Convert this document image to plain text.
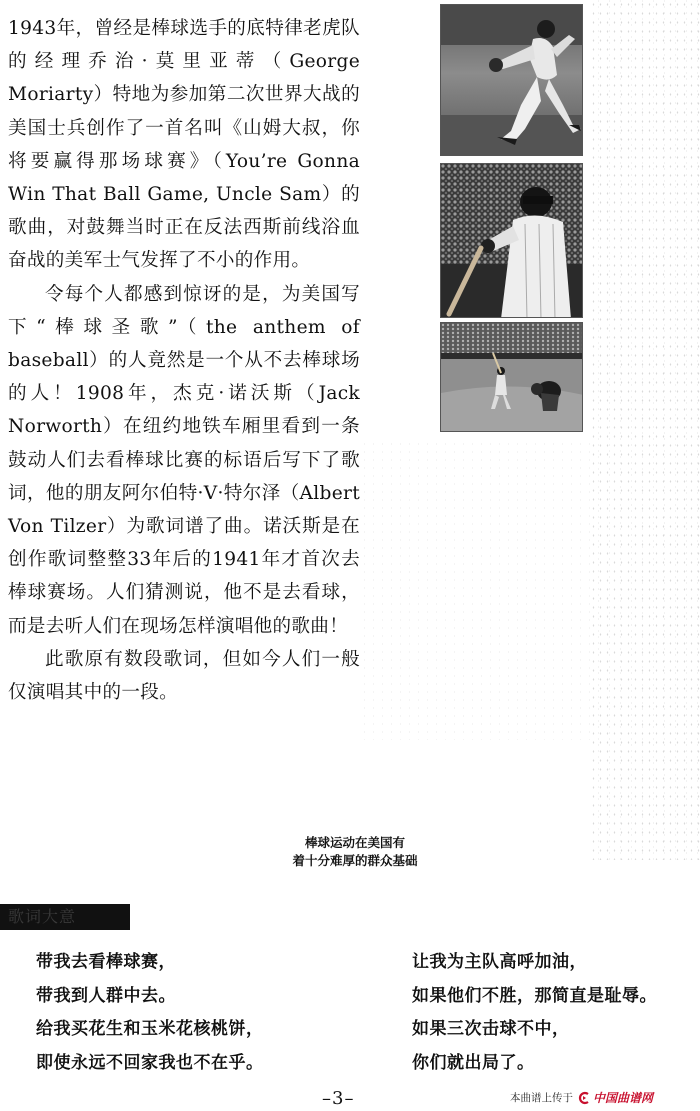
1943年，曾经是棒球选手的底特律老虎队的经理乔治·莫里亚蒂（George Moriarty）特地为参加第二次世界大战的美国士兵创作了一首名叫《山姆大叔，你将要赢得那场球赛》（You’re Gonna Win That Ball Game, Uncle Sam）的歌曲，对鼓舞当时正在反法西斯前线浴血奋战的美军士气发挥了不小的作用。

令每个人都感到惊讶的是，为美国写下“棒球圣歌”（the anthem of baseball）的人竟然是一个从不去棒球场的人！1908年，杰克·诺沃斯（Jack Norworth）在纽约地铁车厢里看到一条鼓动人们去看棒球比赛的标语后写下了歌词，他的朋友阿尔伯特·V·特尔泽（Albert Von Tilzer）为歌词谱了曲。诺沃斯是在创作歌词整整33年后的1941年才首次去棒球赛场。人们猜测说，他不是去看球，而是去听人们在现场怎样演唱他的歌曲！

此歌原有数段歌词，但如今人们一般仅演唱其中的一段。

棒球运动在美国有
着十分难厚的群众基础
歌词大意
带我去看棒球赛，
带我到人群中去。
给我买花生和玉米花核桃饼，
即使永远不回家我也不在乎。
让我为主队高呼加油，
如果他们不胜，那简直是耻辱。
如果三次击球不中，
你们就出局了。
–3–	本曲谱上传于 中国曲谱网
